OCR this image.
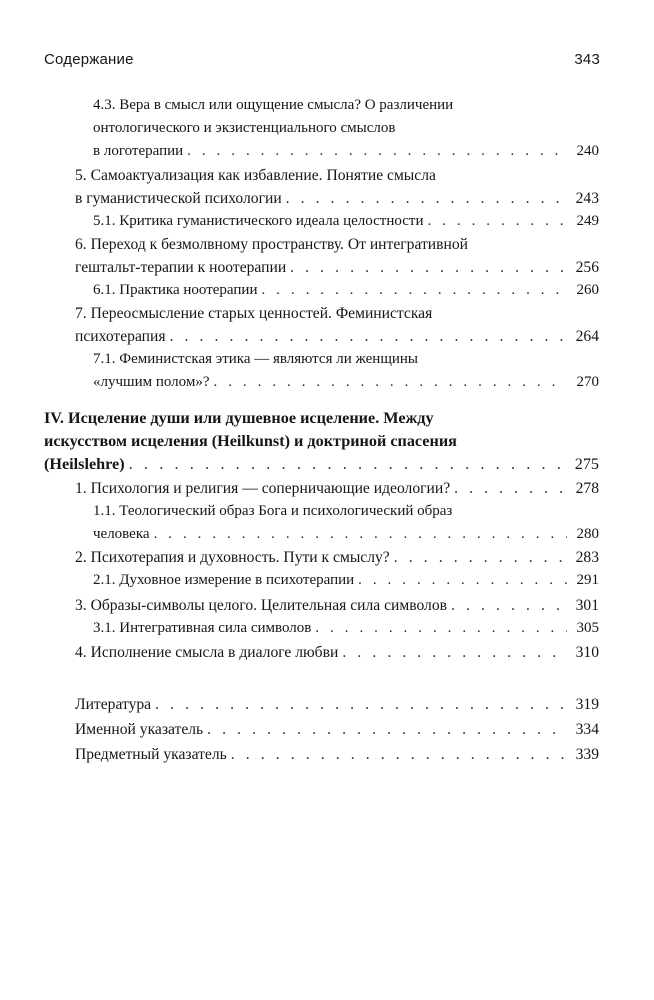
Содержание	343
4.3. Вера в смысл или ощущение смысла? О различении
онтологического и экзистенциального смыслов
в логотерапии . . .	240
5. Самоактуализация как избавление. Понятие смысла
в гуманистической психологии . . .	243
5.1. Критика гуманистического идеала целостности . . .	249
6. Переход к безмолвному пространству. От интегративной
гештальт-терапии к ноотерапии . . .	256
6.1. Практика ноотерапии . . .	260
7. Переосмысление старых ценностей. Феминистская
психотерапия . . .	264
7.1. Феминистская этика — являются ли женщины
«лучшим полом»? . . .	270
IV. Исцеление души или душевное исцеление. Между
искусством исцеления (Heilkunst) и доктриной спасения
(Heilslehre) . . .	275
1. Психология и религия — соперничающие идеологии? . . .	278
1.1. Теологический образ Бога и психологический образ
человека . . .	280
2. Психотерапия и духовность. Пути к смыслу? . . .	283
2.1. Духовное измерение в психотерапии . . .	291
3. Образы-символы целого. Целительная сила символов . . .	301
3.1. Интегративная сила символов . . .	305
4. Исполнение смысла в диалоге любви . . .	310
Литература . . .	319
Именной указатель . . .	334
Предметный указатель . . .	339
